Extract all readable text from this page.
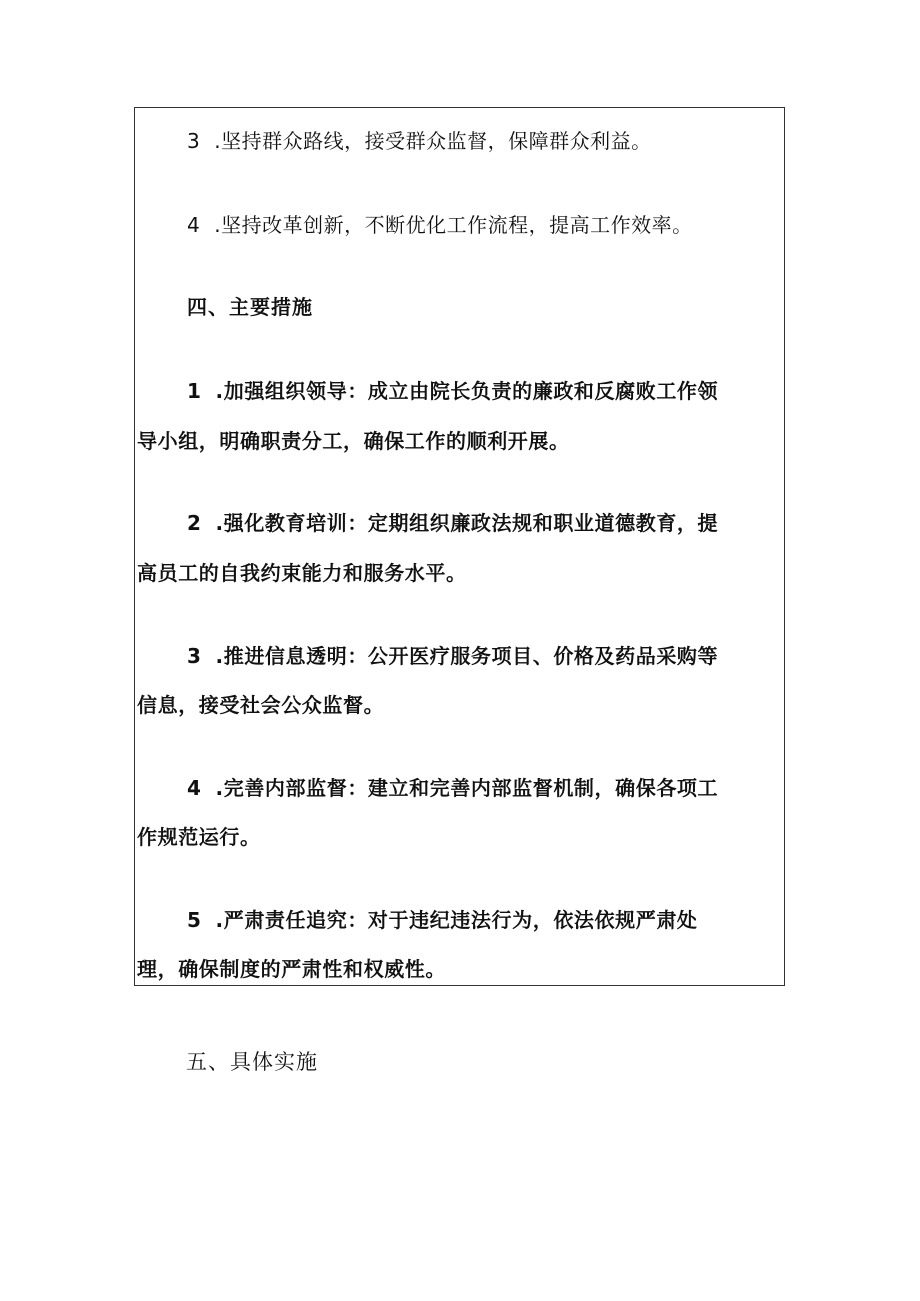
3 .坚持群众路线，接受群众监督，保障群众利益。

4 .坚持改革创新，不断优化工作流程，提高工作效率。

四、主要措施

1 .加强组织领导：成立由院长负责的廉政和反腐败工作领

导小组，明确职责分工，确保工作的顺利开展。

2 .强化教育培训：定期组织廉政法规和职业道德教育，提

高员工的自我约束能力和服务水平。

3 .推进信息透明：公开医疗服务项目、价格及药品采购等

信息，接受社会公众监督。

4 .完善内部监督：建立和完善内部监督机制，确保各项工

作规范运行。

5 .严肃责任追究：对于违纪违法行为，依法依规严肃处

理，确保制度的严肃性和权威性。

五、具体实施
